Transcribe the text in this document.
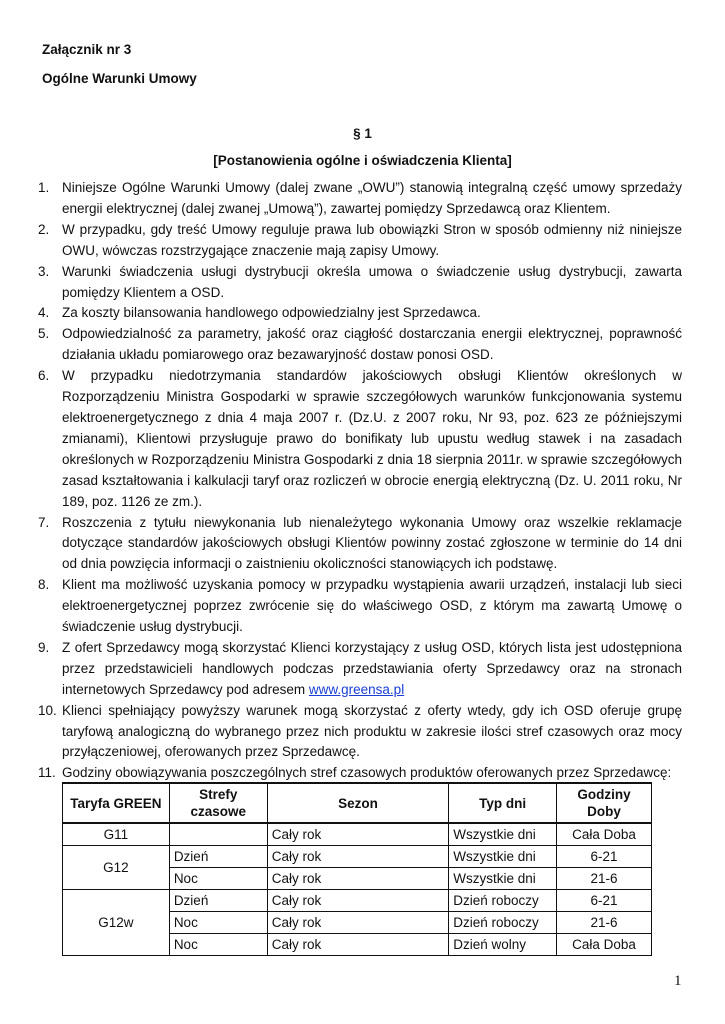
Załącznik nr 3
Ogólne Warunki Umowy
§ 1
[Postanowienia ogólne i oświadczenia Klienta]
1. Niniejsze Ogólne Warunki Umowy (dalej zwane „OWU”) stanowią integralną część umowy sprzedaży energii elektrycznej (dalej zwanej „Umową”), zawartej pomiędzy Sprzedawcą oraz Klientem.
2. W przypadku, gdy treść Umowy reguluje prawa lub obowiązki Stron w sposób odmienny niż niniejsze OWU, wówczas rozstrzygające znaczenie mają zapisy Umowy.
3. Warunki świadczenia usługi dystrybucji określa umowa o świadczenie usług dystrybucji, zawarta pomiędzy Klientem a OSD.
4. Za koszty bilansowania handlowego odpowiedzialny jest Sprzedawca.
5. Odpowiedzialność za parametry, jakość oraz ciągłość dostarczania energii elektrycznej, poprawność działania układu pomiarowego oraz bezawaryjność dostaw ponosi OSD.
6. W przypadku niedotrzymania standardów jakościowych obsługi Klientów określonych w Rozporządzeniu Ministra Gospodarki w sprawie szczegółowych warunków funkcjonowania systemu elektroenergetycznego z dnia 4 maja 2007 r. (Dz.U. z 2007 roku, Nr 93, poz. 623 ze późniejszymi zmianami), Klientowi przysługuje prawo do bonifikaty lub upustu według stawek i na zasadach określonych w Rozporządzeniu Ministra Gospodarki z dnia 18 sierpnia 2011r. w sprawie szczegółowych zasad kształtowania i kalkulacji taryf oraz rozliczeń w obrocie energią elektryczną (Dz. U. 2011 roku, Nr 189, poz. 1126 ze zm.).
7. Roszczenia z tytułu niewykonania lub nienależytego wykonania Umowy oraz wszelkie reklamacje dotyczące standardów jakościowych obsługi Klientów powinny zostać zgłoszone w terminie do 14 dni od dnia powzięcia informacji o zaistnieniu okoliczności stanowiących ich podstawę.
8. Klient ma możliwość uzyskania pomocy w przypadku wystąpienia awarii urządzeń, instalacji lub sieci elektroenergetycznej poprzez zwrócenie się do właściwego OSD, z którym ma zawartą Umowę o świadczenie usług dystrybucji.
9. Z ofert Sprzedawcy mogą skorzystać Klienci korzystający z usług OSD, których lista jest udostępniona przez przedstawicieli handlowych podczas przedstawiania oferty Sprzedawcy oraz na stronach internetowych Sprzedawcy pod adresem www.greensa.pl
10. Klienci spełniający powyższy warunek mogą skorzystać z oferty wtedy, gdy ich OSD oferuje grupę taryfową analogiczną do wybranego przez nich produktu w zakresie ilości stref czasowych oraz mocy przyłączeniowej, oferowanych przez Sprzedawcę.
11. Godziny obowiązywania poszczególnych stref czasowych produktów oferowanych przez Sprzedawcę:
Taryfa GREEN	Strefy czasowe	Sezon	Typ dni	Godziny Doby
G11		Cały rok	Wszystkie dni	Cała Doba
G12	Dzień	Cały rok	Wszystkie dni	6-21
	Noc	Cały rok	Wszystkie dni	21-6
G12w	Dzień	Cały rok	Dzień roboczy	6-21
	Noc	Cały rok	Dzień roboczy	21-6
	Noc	Cały rok	Dzień wolny	Cała Doba
1
